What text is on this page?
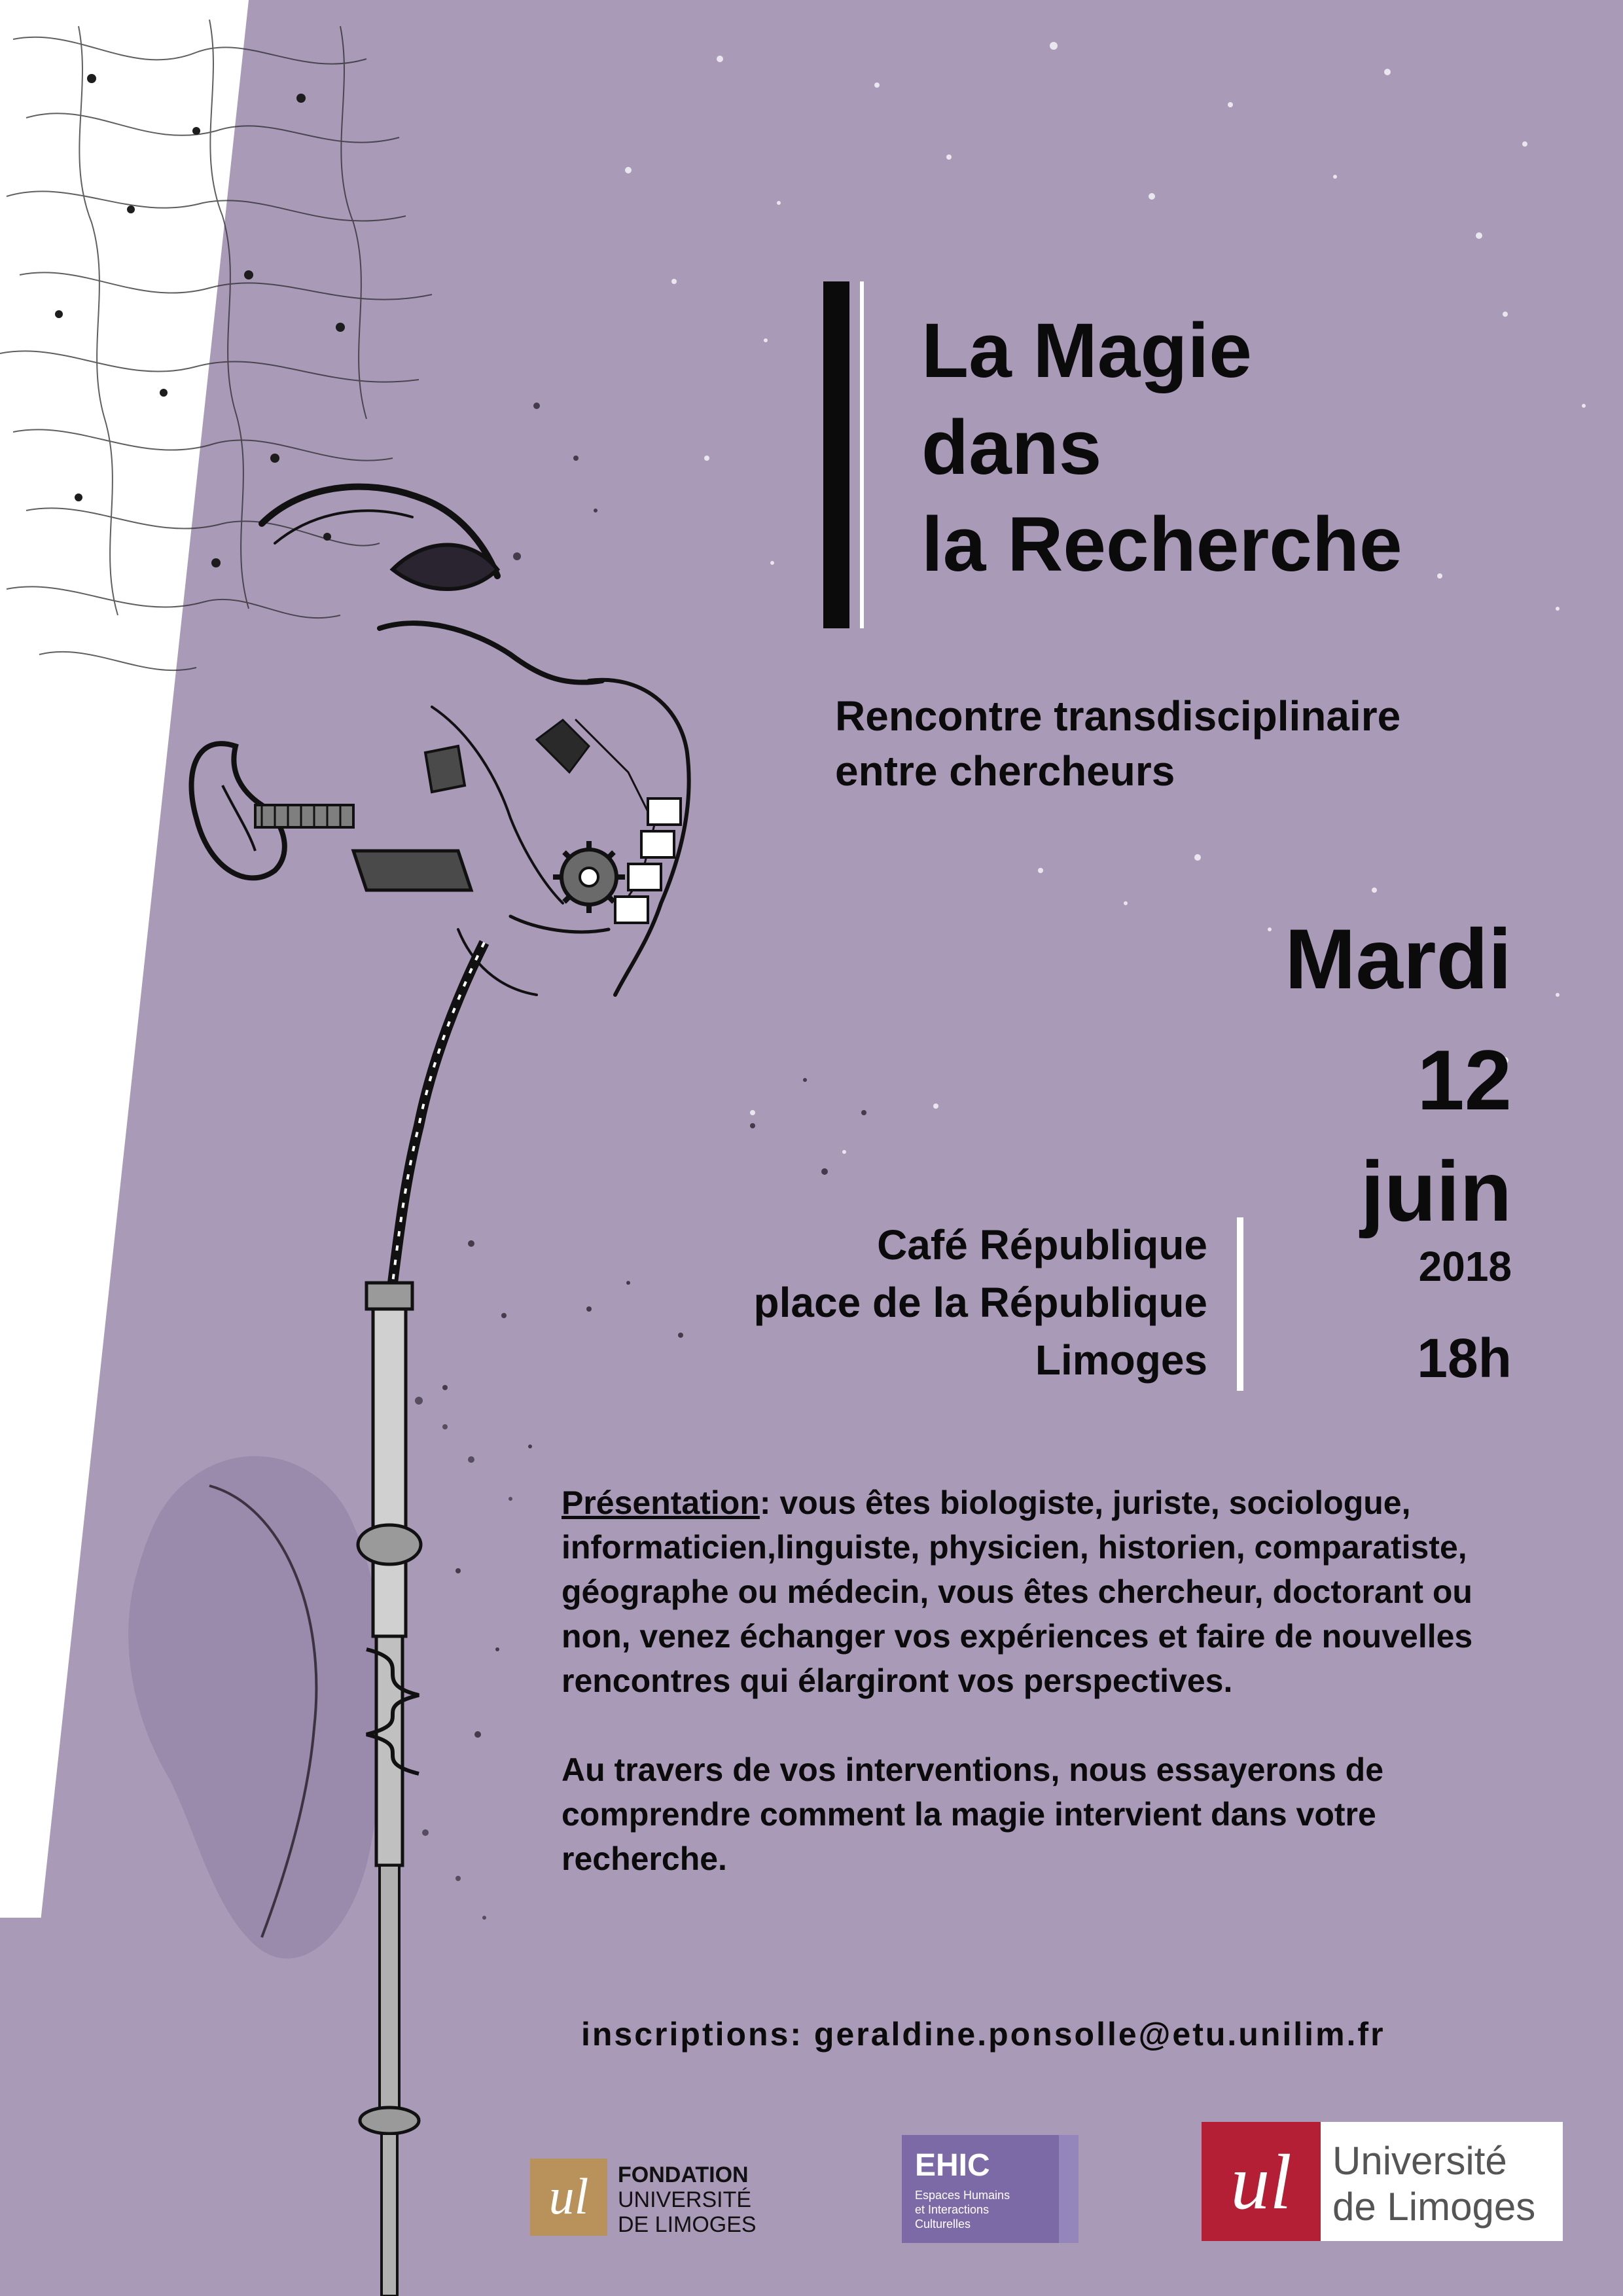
La Magie
dans
la Recherche

Rencontre transdisciplinaire
entre chercheurs

Mardi
12
juin
2018
18h
Café République
place de la République
Limoges

Présentation: vous êtes biologiste, juriste, sociologue, informaticien,linguiste, physicien, historien, comparatiste, géographe ou médecin, vous êtes chercheur, doctorant ou non, venez échanger vos expériences et faire de nouvelles rencontres qui élargiront vos perspectives.

Au travers de vos interventions, nous essayerons de comprendre comment la magie intervient dans votre recherche.

inscriptions: geraldine.ponsolle@etu.unilim.fr
ul FONDATION
UNIVERSITÉ
DE LIMOGES
EHIC
Espaces Humains
et Interactions
Culturelles	ul Université
de Limoges
